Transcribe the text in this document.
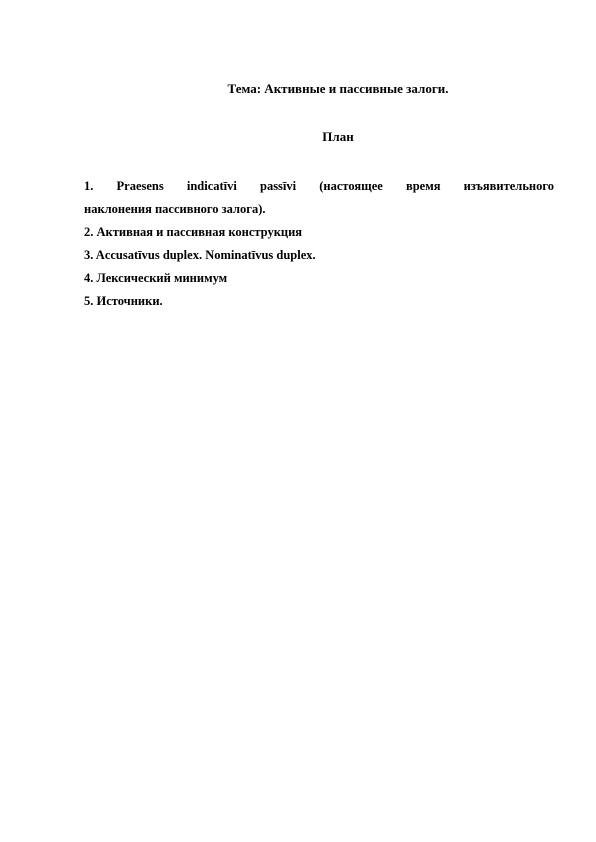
Тема: Активные и пассивные залоги.
План
1. Praesens indicatīvi passīvi (настоящее время изъявительного
наклонения пассивного залога).
2. Активная и пассивная конструкция
3. Accusatīvus duplex. Nominatīvus duplex.
4. Лексический минимум
5. Источники.
